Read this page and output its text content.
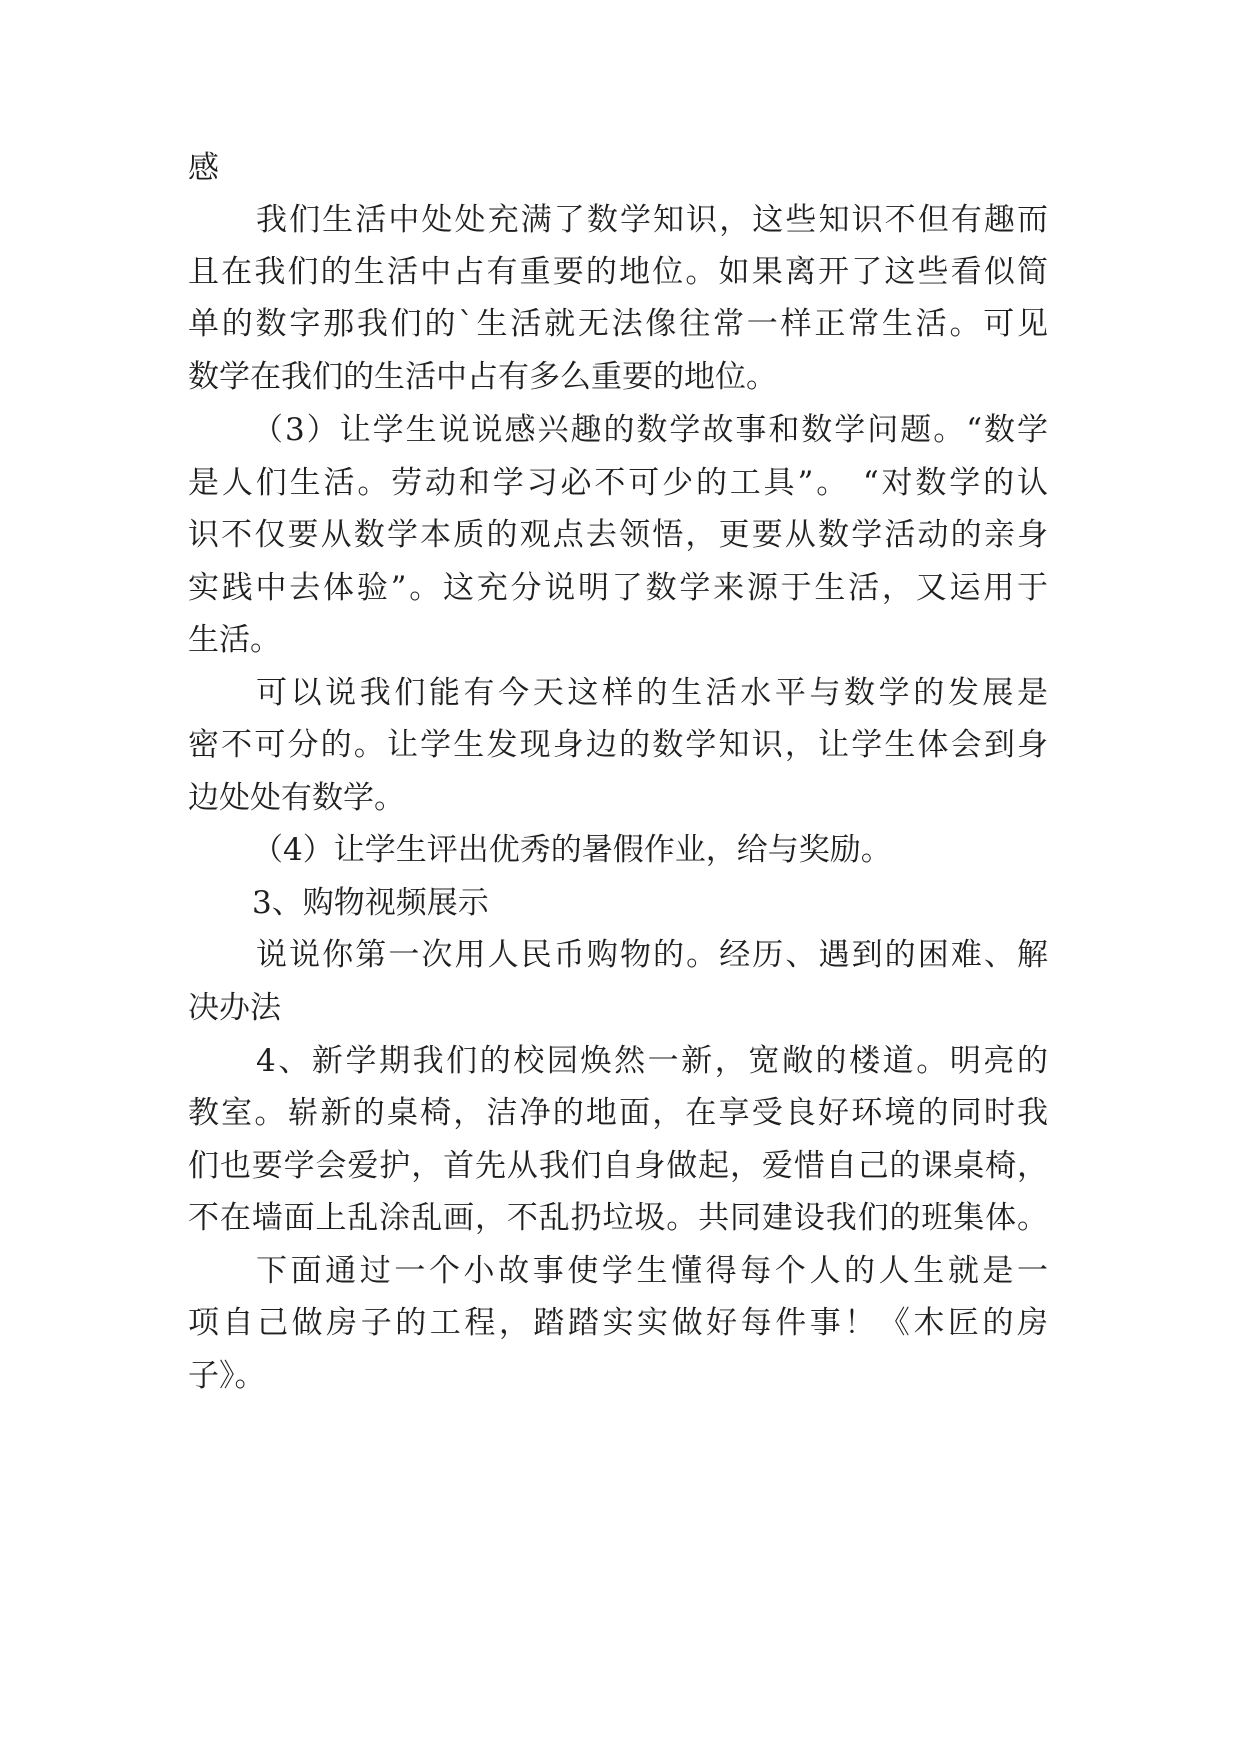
感
我们生活中处处充满了数学知识，这些知识不但有趣而
且在我们的生活中占有重要的地位。如果离开了这些看似简
单的数字那我们的`生活就无法像往常一样正常生活。可见
数学在我们的生活中占有多么重要的地位。
（3）让学生说说感兴趣的数学故事和数学问题。“数学
是人们生活。劳动和学习必不可少的工具”。 “对数学的认
识不仅要从数学本质的观点去领悟，更要从数学活动的亲身
实践中去体验”。这充分说明了数学来源于生活，又运用于
生活。
可以说我们能有今天这样的生活水平与数学的发展是
密不可分的。让学生发现身边的数学知识，让学生体会到身
边处处有数学。
（4）让学生评出优秀的暑假作业，给与奖励。
3、购物视频展示
说说你第一次用人民币购物的。经历、遇到的困难、解
决办法
4、新学期我们的校园焕然一新，宽敞的楼道。明亮的
教室。崭新的桌椅，洁净的地面，在享受良好环境的同时我
们也要学会爱护，首先从我们自身做起，爱惜自己的课桌椅，
不在墙面上乱涂乱画，不乱扔垃圾。共同建设我们的班集体。
下面通过一个小故事使学生懂得每个人的人生就是一
项自己做房子的工程，踏踏实实做好每件事！《木匠的房
子》。
